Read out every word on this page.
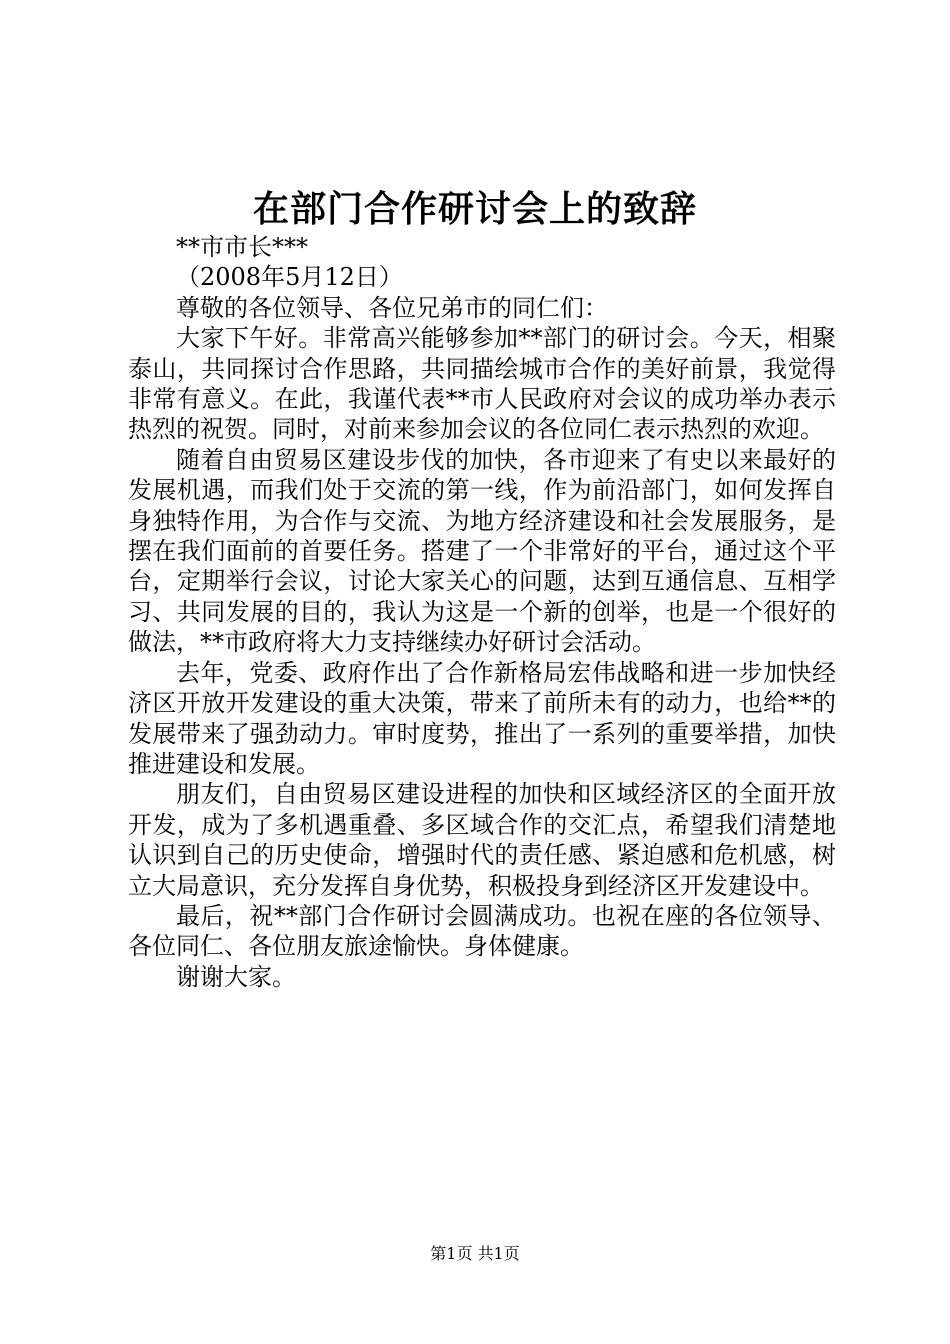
在部门合作研讨会上的致辞

**市市长***

（2008年5月12日）

尊敬的各位领导、各位兄弟市的同仁们：

大家下午好。非常高兴能够参加**部门的研讨会。今天，相聚泰山，共同探讨合作思路，共同描绘城市合作的美好前景，我觉得非常有意义。在此，我谨代表**市人民政府对会议的成功举办表示热烈的祝贺。同时，对前来参加会议的各位同仁表示热烈的欢迎。

随着自由贸易区建设步伐的加快，各市迎来了有史以来最好的发展机遇，而我们处于交流的第一线，作为前沿部门，如何发挥自身独特作用，为合作与交流、为地方经济建设和社会发展服务，是摆在我们面前的首要任务。搭建了一个非常好的平台，通过这个平台，定期举行会议，讨论大家关心的问题，达到互通信息、互相学习、共同发展的目的，我认为这是一个新的创举，也是一个很好的做法，**市政府将大力支持继续办好研讨会活动。

去年，党委、政府作出了合作新格局宏伟战略和进一步加快经济区开放开发建设的重大决策，带来了前所未有的动力，也给**的发展带来了强劲动力。审时度势，推出了一系列的重要举措，加快推进建设和发展。

朋友们，自由贸易区建设进程的加快和区域经济区的全面开放开发，成为了多机遇重叠、多区域合作的交汇点，希望我们清楚地认识到自己的历史使命，增强时代的责任感、紧迫感和危机感，树立大局意识，充分发挥自身优势，积极投身到经济区开发建设中。

最后，祝**部门合作研讨会圆满成功。也祝在座的各位领导、各位同仁、各位朋友旅途愉快。身体健康。

谢谢大家。

第1页 共1页
